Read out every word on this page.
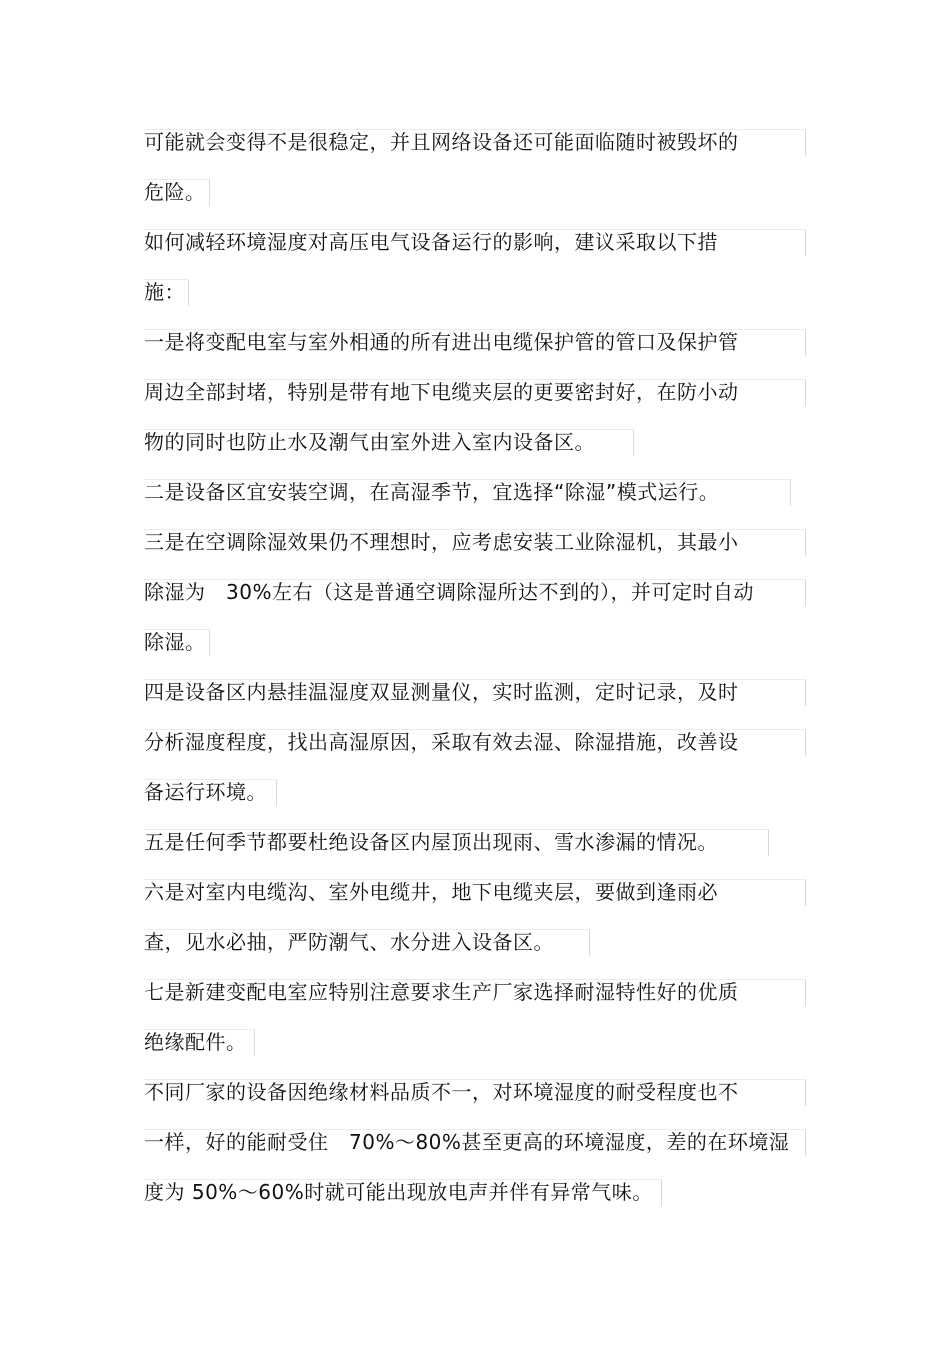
可能就会变得不是很稳定，并且网络设备还可能面临随时被毁坏的
危险。
如何减轻环境湿度对高压电气设备运行的影响，建议采取以下措
施：
一是将变配电室与室外相通的所有进出电缆保护管的管口及保护管
周边全部封堵，特别是带有地下电缆夹层的更要密封好，在防小动
物的同时也防止水及潮气由室外进入室内设备区。
二是设备区宜安装空调，在高湿季节，宜选择“除湿”模式运行。
三是在空调除湿效果仍不理想时，应考虑安装工业除湿机，其最小
除湿为　30%左右（这是普通空调除湿所达不到的），并可定时自动
除湿。
四是设备区内悬挂温湿度双显测量仪，实时监测，定时记录，及时
分析湿度程度，找出高湿原因，采取有效去湿、除湿措施，改善设
备运行环境。
五是任何季节都要杜绝设备区内屋顶出现雨、雪水渗漏的情况。
六是对室内电缆沟、室外电缆井，地下电缆夹层，要做到逢雨必
查，见水必抽，严防潮气、水分进入设备区。
七是新建变配电室应特别注意要求生产厂家选择耐湿特性好的优质
绝缘配件。
不同厂家的设备因绝缘材料品质不一，对环境湿度的耐受程度也不
一样，好的能耐受住　70%～80%甚至更高的环境湿度，差的在环境湿
度为 50%～60%时就可能出现放电声并伴有异常气味。
